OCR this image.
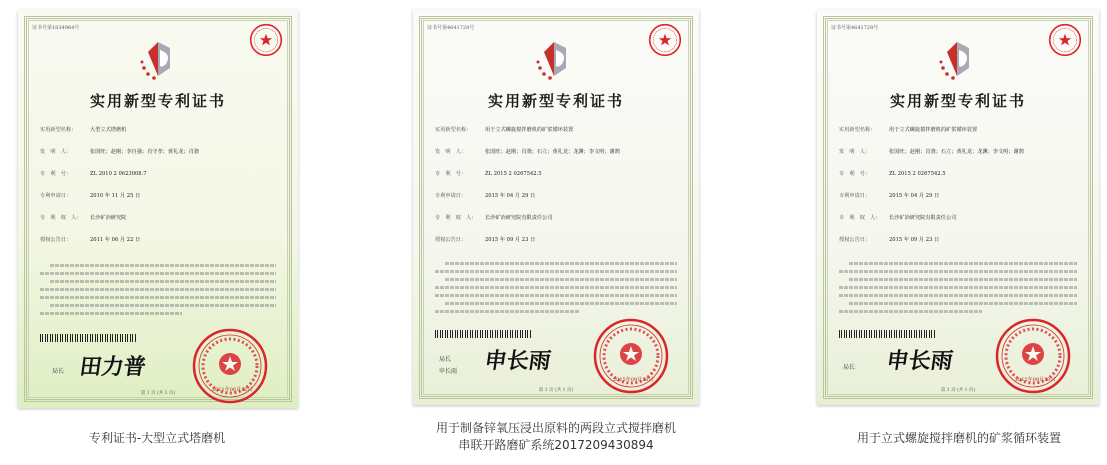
证书号第1834964号
实用新型专利证书
实用新型名称：	大型立式塔磨机
发　明　人：	张国旺；赵刚；李自强；肖守孝；黄礼龙；肖骁
专　利　号：	ZL 2010 2 0623008.7
专利申请日：	2010 年 11 月 25 日
专　利　权　人：	长沙矿冶研究院
授权公告日：	2011 年 06 月 22 日
局长 田力普
2011年06月22日
第 1 页 (共 1 页)
专利证书-大型立式塔磨机
证书号第4641728号
实用新型专利证书
实用新型名称：	用于立式螺旋搅拌磨机的矿浆循环装置
发　明　人：	张国旺；赵刚；肖骁；石立；黄礼龙；龙渊；李文明；谢鹄
专　利　号：	ZL 2015 2 0267542.5
专利申请日：	2015 年 04 月 29 日
专　利　权　人：	长沙矿冶研究院有限责任公司
授权公告日：	2015 年 09 月 23 日
局长
申长雨 申长雨
2015年09月23日
第 1 页 (共 1 页)
用于制备锌氧压浸出原料的两段立式搅拌磨机
串联开路磨矿系统2017209430894
证书号第4641728号
实用新型专利证书
实用新型名称：	用于立式螺旋搅拌磨机的矿浆循环装置
发　明　人：	张国旺；赵刚；肖骁；石立；黄礼龙；龙渊；李文明；谢鹄
专　利　号：	ZL 2015 2 0267542.5
专利申请日：	2015 年 04 月 29 日
专　利　权　人：	长沙矿冶研究院有限责任公司
授权公告日：	2015 年 09 月 23 日
局长 申长雨
2015年09月23日
第 1 页 (共 1 页)
用于立式螺旋搅拌磨机的矿浆循环装置
